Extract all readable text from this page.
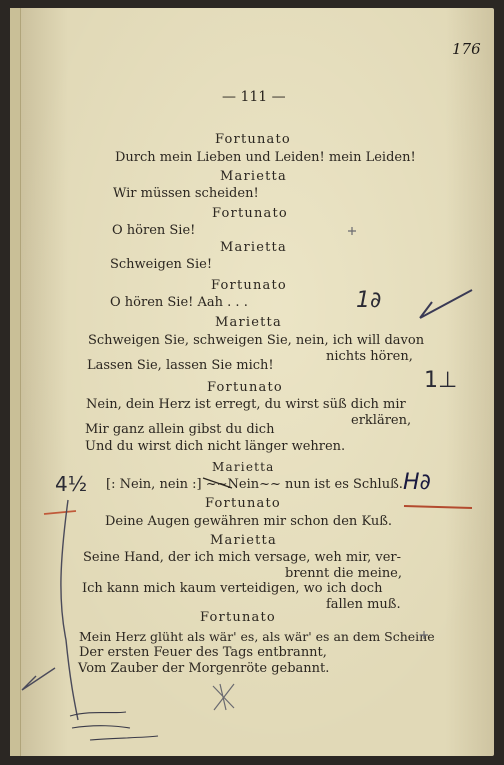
176
— 111 —
Fortunato
Durch mein Lieben und Leiden! mein Leiden!
Marietta
Wir müssen scheiden!
Fortunato
O hören Sie!
Marietta
Schweigen Sie!
Fortunato
O hören Sie! Aah . . .
Marietta
Schweigen Sie, schweigen Sie, nein, ich will davon
nichts hören,
Lassen Sie, lassen Sie mich!
Fortunato
Nein, dein Herz ist erregt, du wirst süß dich mir
erklären,
Mir ganz allein gibst du dich
Und du wirst dich nicht länger wehren.
Marietta
[: Nein, nein :] ~~Nein~~ nun ist es Schluß.
Fortunato
Deine Augen gewähren mir schon den Kuß.
Marietta
Seine Hand, der ich mich versage, weh mir, ver-
brennt die meine,
Ich kann mich kaum verteidigen, wo ich doch
fallen muß.
Fortunato
Mein Herz glüht als wär' es, als wär' es an dem Scheine
Der ersten Feuer des Tags entbrannt,
Vom Zauber der Morgenröte gebannt.
1∂
1⊥
H∂
4½
